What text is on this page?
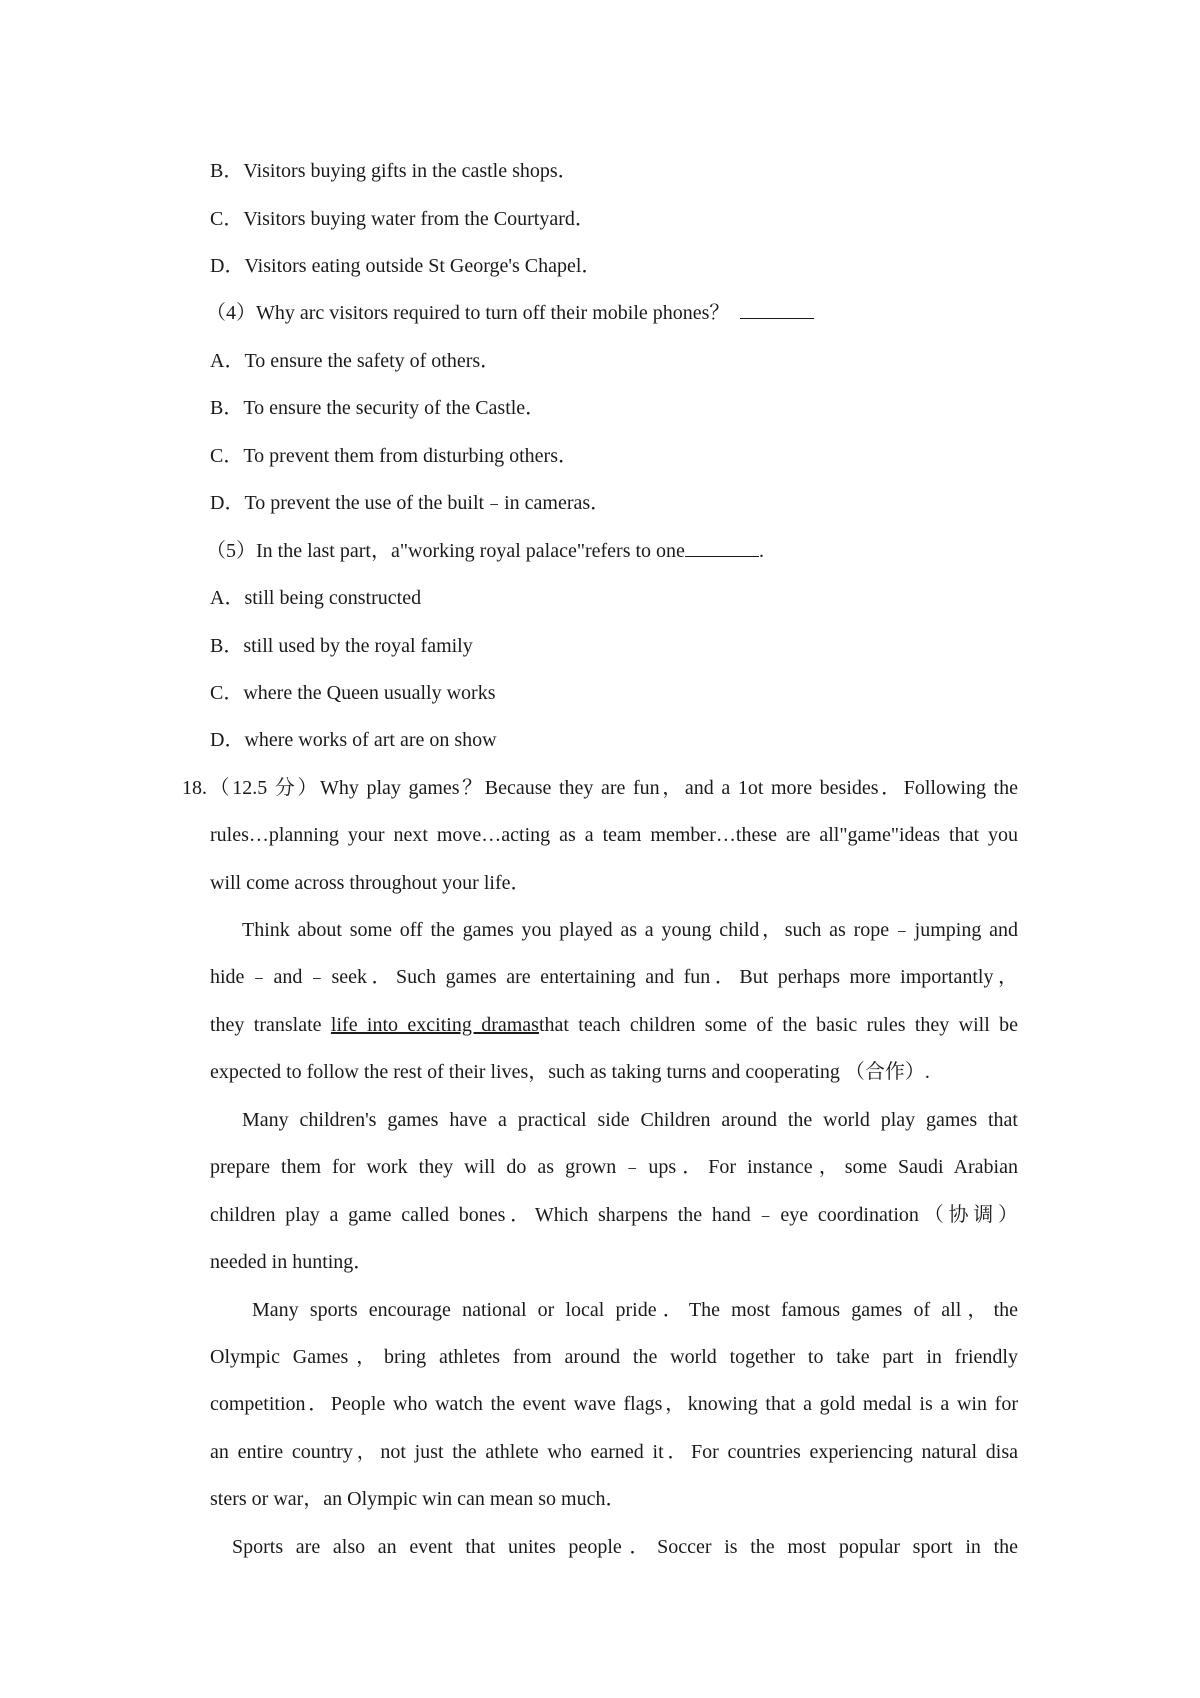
B．Visitors buying gifts in the castle shops．
C．Visitors buying water from the Courtyard．
D．Visitors eating outside St George's Chapel．
（4）Why arc visitors required to turn off their mobile phones？
A．To ensure the safety of others．
B．To ensure the security of the Castle．
C．To prevent them from disturbing others．
D．To prevent the use of the built﹣in cameras．
（5）In the last part，a"working royal palace"refers to one	.
A．still being constructed
B．still used by the royal family
C．where the Queen usually works
D．where works of art are on show
18.（12.5 分）Why play games？Because they are fun，and a 1ot more besides．Following the
rules…planning your next move…acting as a team member…these are all"game"ideas that you
will come across throughout your life．
Think about some off the games you played as a young child，such as rope﹣jumping and
hide﹣and﹣seek．Such games are entertaining and fun．But perhaps more importantly，
they translate life into exciting dramasthat teach children some of the basic rules they will be
expected to follow the rest of their lives，such as taking turns and cooperating （合作）.
Many children's games have a practical side Children around the world play games that
prepare them for work they will do as grown﹣ups．For instance，some Saudi Arabian
children play a game called bones．Which sharpens the hand﹣eye coordination（协调）
needed in hunting．
Many sports encourage national or local pride．The most famous games of all，the
Olympic Games，bring athletes from around the world together to take part in friendly
competition．People who watch the event wave flags，knowing that a gold medal is a win for
an entire country，not just the athlete who earned it．For countries experiencing natural disa
sters or war，an Olympic win can mean so much．
Sports are also an event that unites people．Soccer is the most popular sport in the
